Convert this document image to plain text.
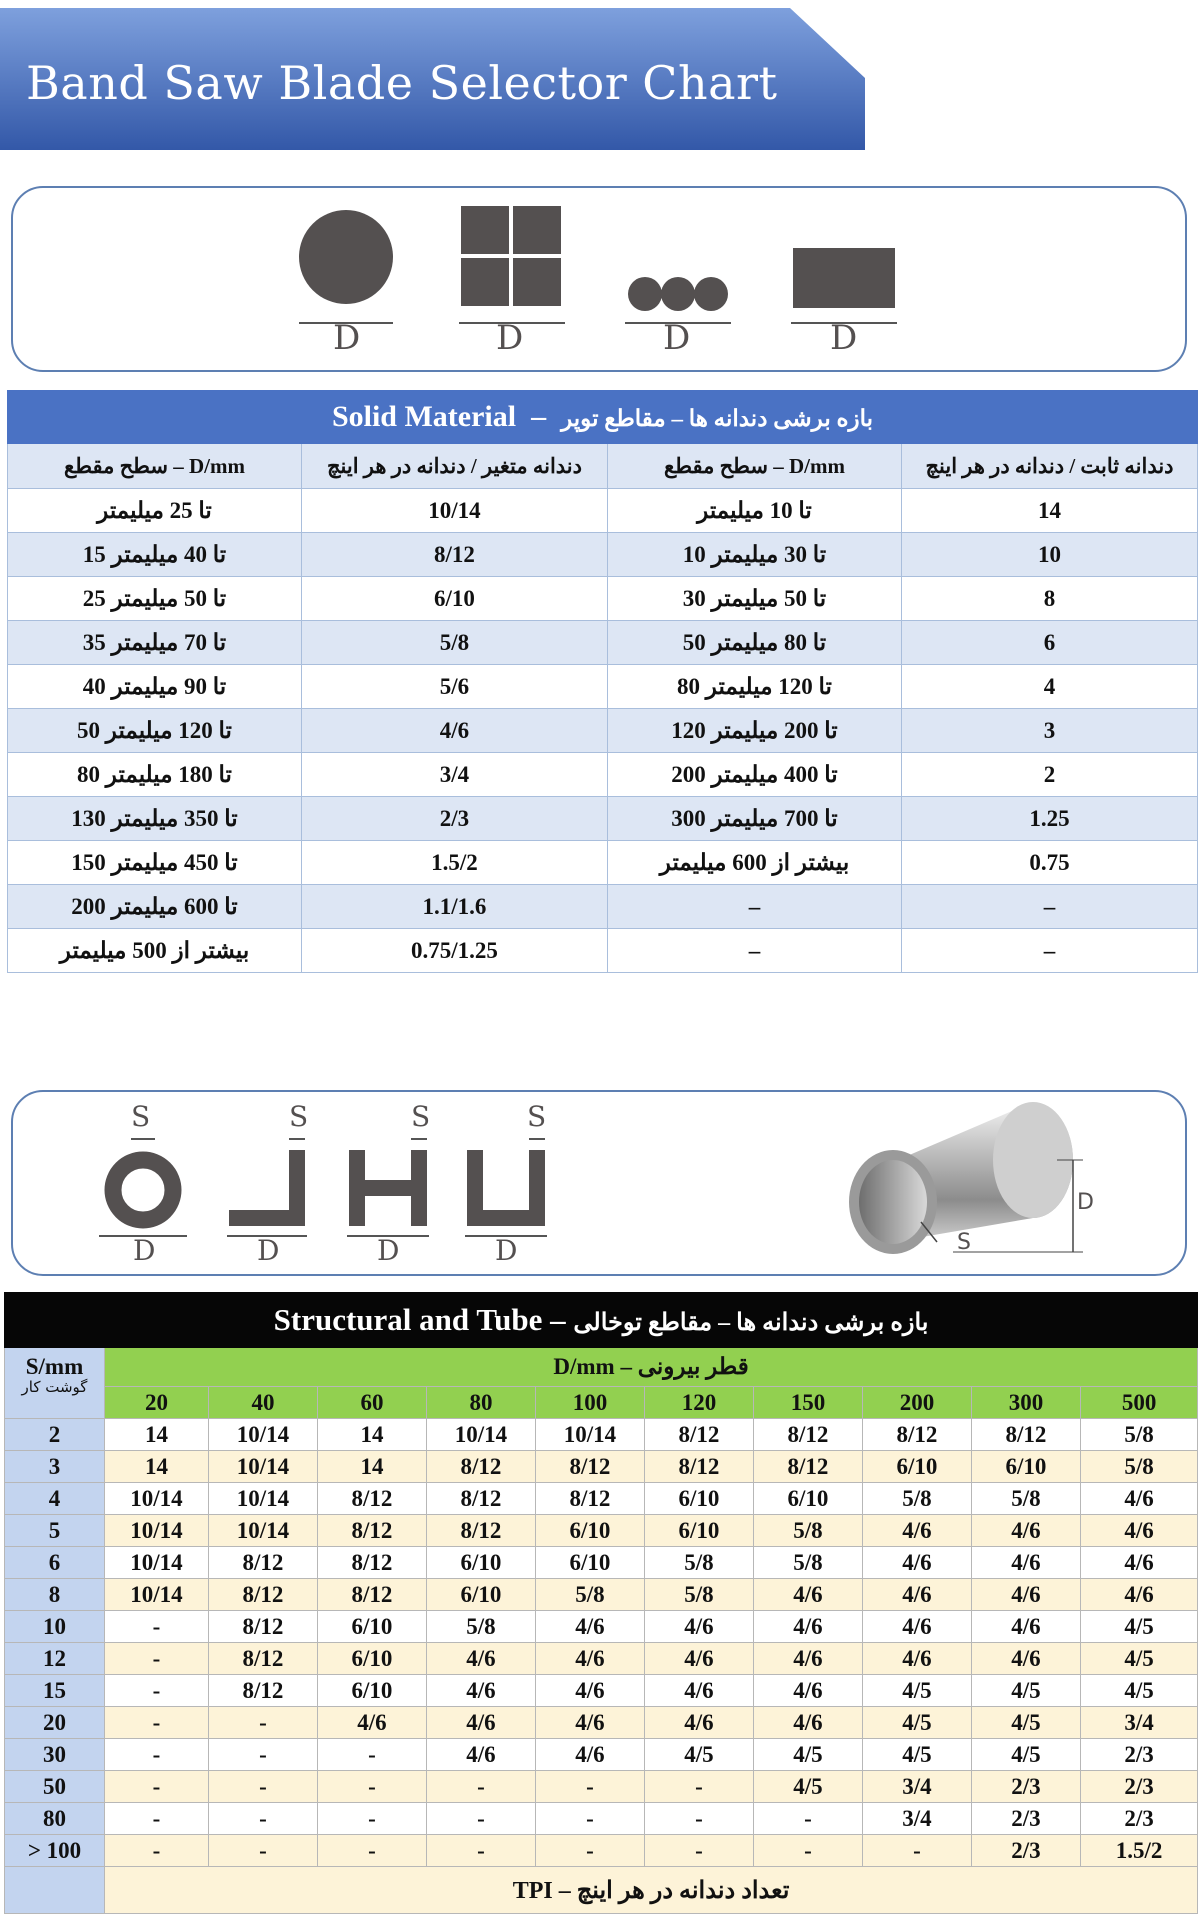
Band Saw Blade Selector Chart
D	D	D	D
Solid Material  –  بازه برشی دندانه ها – مقاطع توپر			
سطح مقطع – D/mm	دندانه متغیر / دندانه در هر اینچ	سطح مقطع – D/mm	دندانه ثابت / دندانه در هر اینچ
تا 25 میلیمتر	10/14	تا 10 میلیمتر	14
15 تا 40 میلیمتر	8/12	10 تا 30 میلیمتر	10
25 تا 50 میلیمتر	6/10	30 تا 50 میلیمتر	8
35 تا 70 میلیمتر	5/8	50 تا 80 میلیمتر	6
40 تا 90 میلیمتر	5/6	80 تا 120 میلیمتر	4
50 تا 120 میلیمتر	4/6	120 تا 200 میلیمتر	3
80 تا 180 میلیمتر	3/4	200 تا 400 میلیمتر	2
130 تا 350 میلیمتر	2/3	300 تا 700 میلیمتر	1.25
150 تا 450 میلیمتر	1.5/2	بیشتر از 600 میلیمتر	0.75
200 تا 600 میلیمتر	1.1/1.6	–	–
بیشتر از 500 میلیمتر	0.75/1.25	–	–
S	S	S	S
D	D	D	D
D
S
Structural and Tube – بازه برشی دندانه ها – مقاطع توخالی										

S/mm
گوشت کار	D/mm – قطر بیرونی									
	20	40	60	80	100	120	150	200	300	500
2	14	10/14	14	10/14	10/14	8/12	8/12	8/12	8/12	5/8
3	14	10/14	14	8/12	8/12	8/12	8/12	6/10	6/10	5/8
4	10/14	10/14	8/12	8/12	8/12	6/10	6/10	5/8	5/8	4/6
5	10/14	10/14	8/12	8/12	6/10	6/10	5/8	4/6	4/6	4/6
6	10/14	8/12	8/12	6/10	6/10	5/8	5/8	4/6	4/6	4/6
8	10/14	8/12	8/12	6/10	5/8	5/8	4/6	4/6	4/6	4/6
10	-	8/12	6/10	5/8	4/6	4/6	4/6	4/6	4/6	4/5
12	-	8/12	6/10	4/6	4/6	4/6	4/6	4/6	4/6	4/5
15	-	8/12	6/10	4/6	4/6	4/6	4/6	4/5	4/5	4/5
20	-	-	4/6	4/6	4/6	4/6	4/6	4/5	4/5	3/4
30	-	-	-	4/6	4/6	4/5	4/5	4/5	4/5	2/3
50	-	-	-	-	-	-	4/5	3/4	2/3	2/3
80	-	-	-	-	-	-	-	3/4	2/3	2/3
> 100	-	-	-	-	-	-	-	-	2/3	1.5/2
	TPI – تعداد دندانه در هر اینچ									
